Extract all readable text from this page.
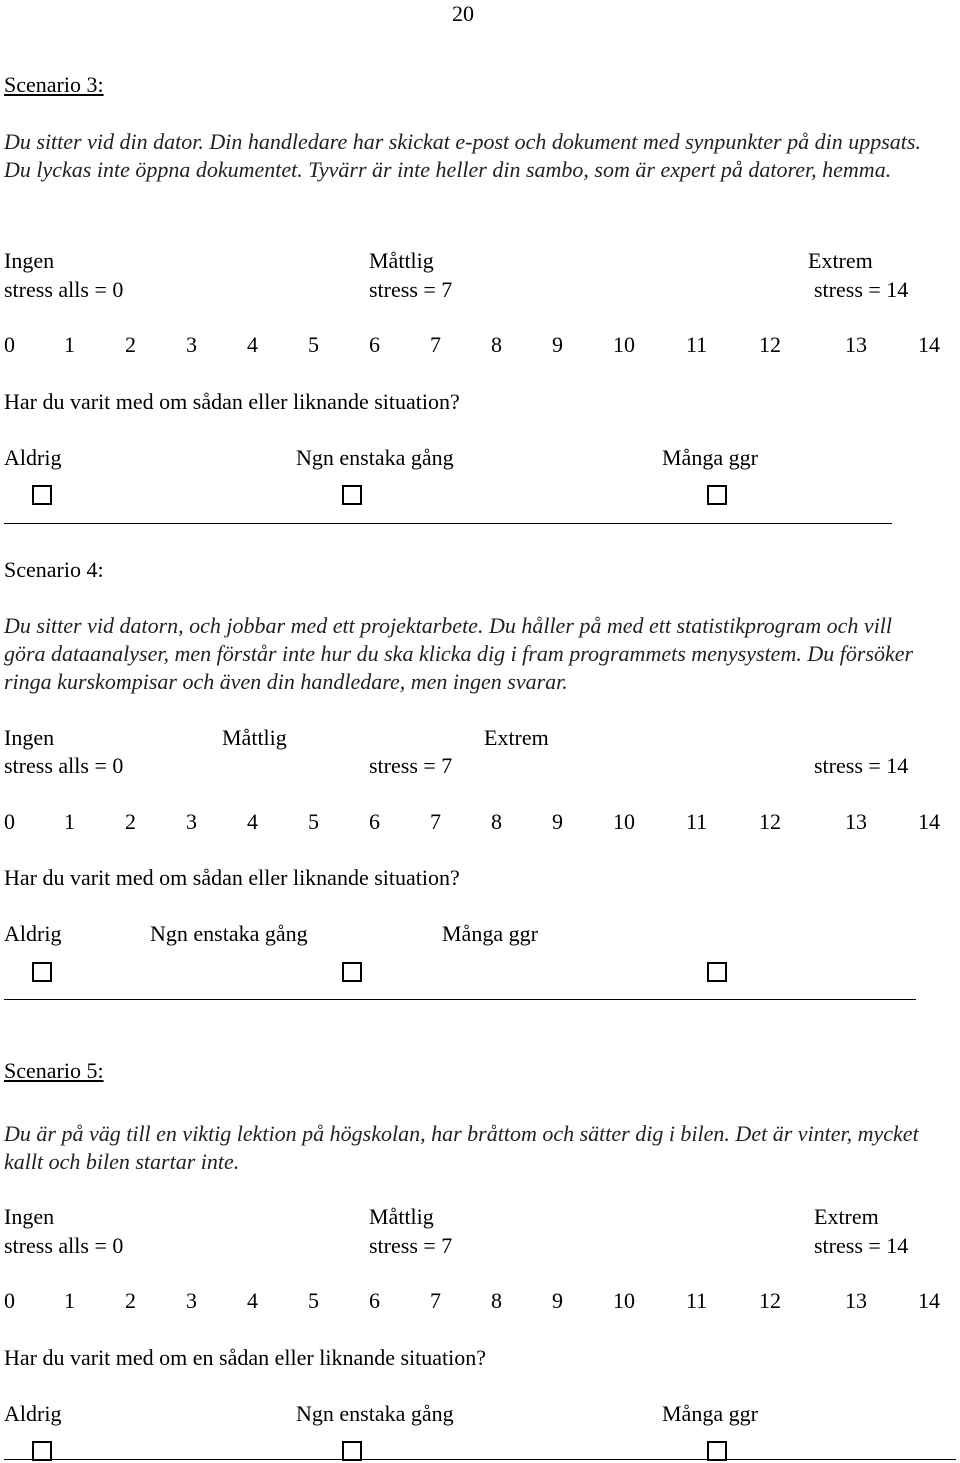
20
Scenario 3:
Du sitter vid din dator. Din handledare har skickat e-post och dokument med synpunkter på din uppsats. Du lyckas inte öppna dokumentet. Tyvärr är inte heller din sambo, som är expert på datorer, hemma.
Ingen	Måttlig	Extrem
stress alls = 0	stress = 7	stress = 14
Har du varit med om sådan eller liknande situation?
Aldrig	Ngn enstaka gång	Många ggr
Scenario 4:
Du sitter vid datorn, och jobbar med ett projektarbete. Du håller på med ett statistikprogram och vill göra dataanalyser, men förstår inte hur du ska klicka dig i fram programmets menysystem. Du försöker ringa kurskompisar och även din handledare, men ingen svarar.
Ingen	Måttlig	Extrem
stress alls = 0	stress = 7	stress = 14
Har du varit med om sådan eller liknande situation?
Aldrig	Ngn enstaka gång	Många ggr
Scenario 5:
Du är på väg till en viktig lektion på högskolan, har bråttom och sätter dig i bilen. Det är vinter, mycket kallt och bilen startar inte.
Ingen	Måttlig	Extrem
stress alls = 0	stress = 7	stress = 14
Har du varit med om en sådan eller liknande situation?
Aldrig	Ngn enstaka gång	Många ggr
0 1 2 3 4 5 6 7 8 9 10 11 12	13 14
0 1 2 3 4 5 6 7 8 9 10 11 12	13 14
0 1 2 3 4 5 6 7 8 9 10 11 12	13 14
